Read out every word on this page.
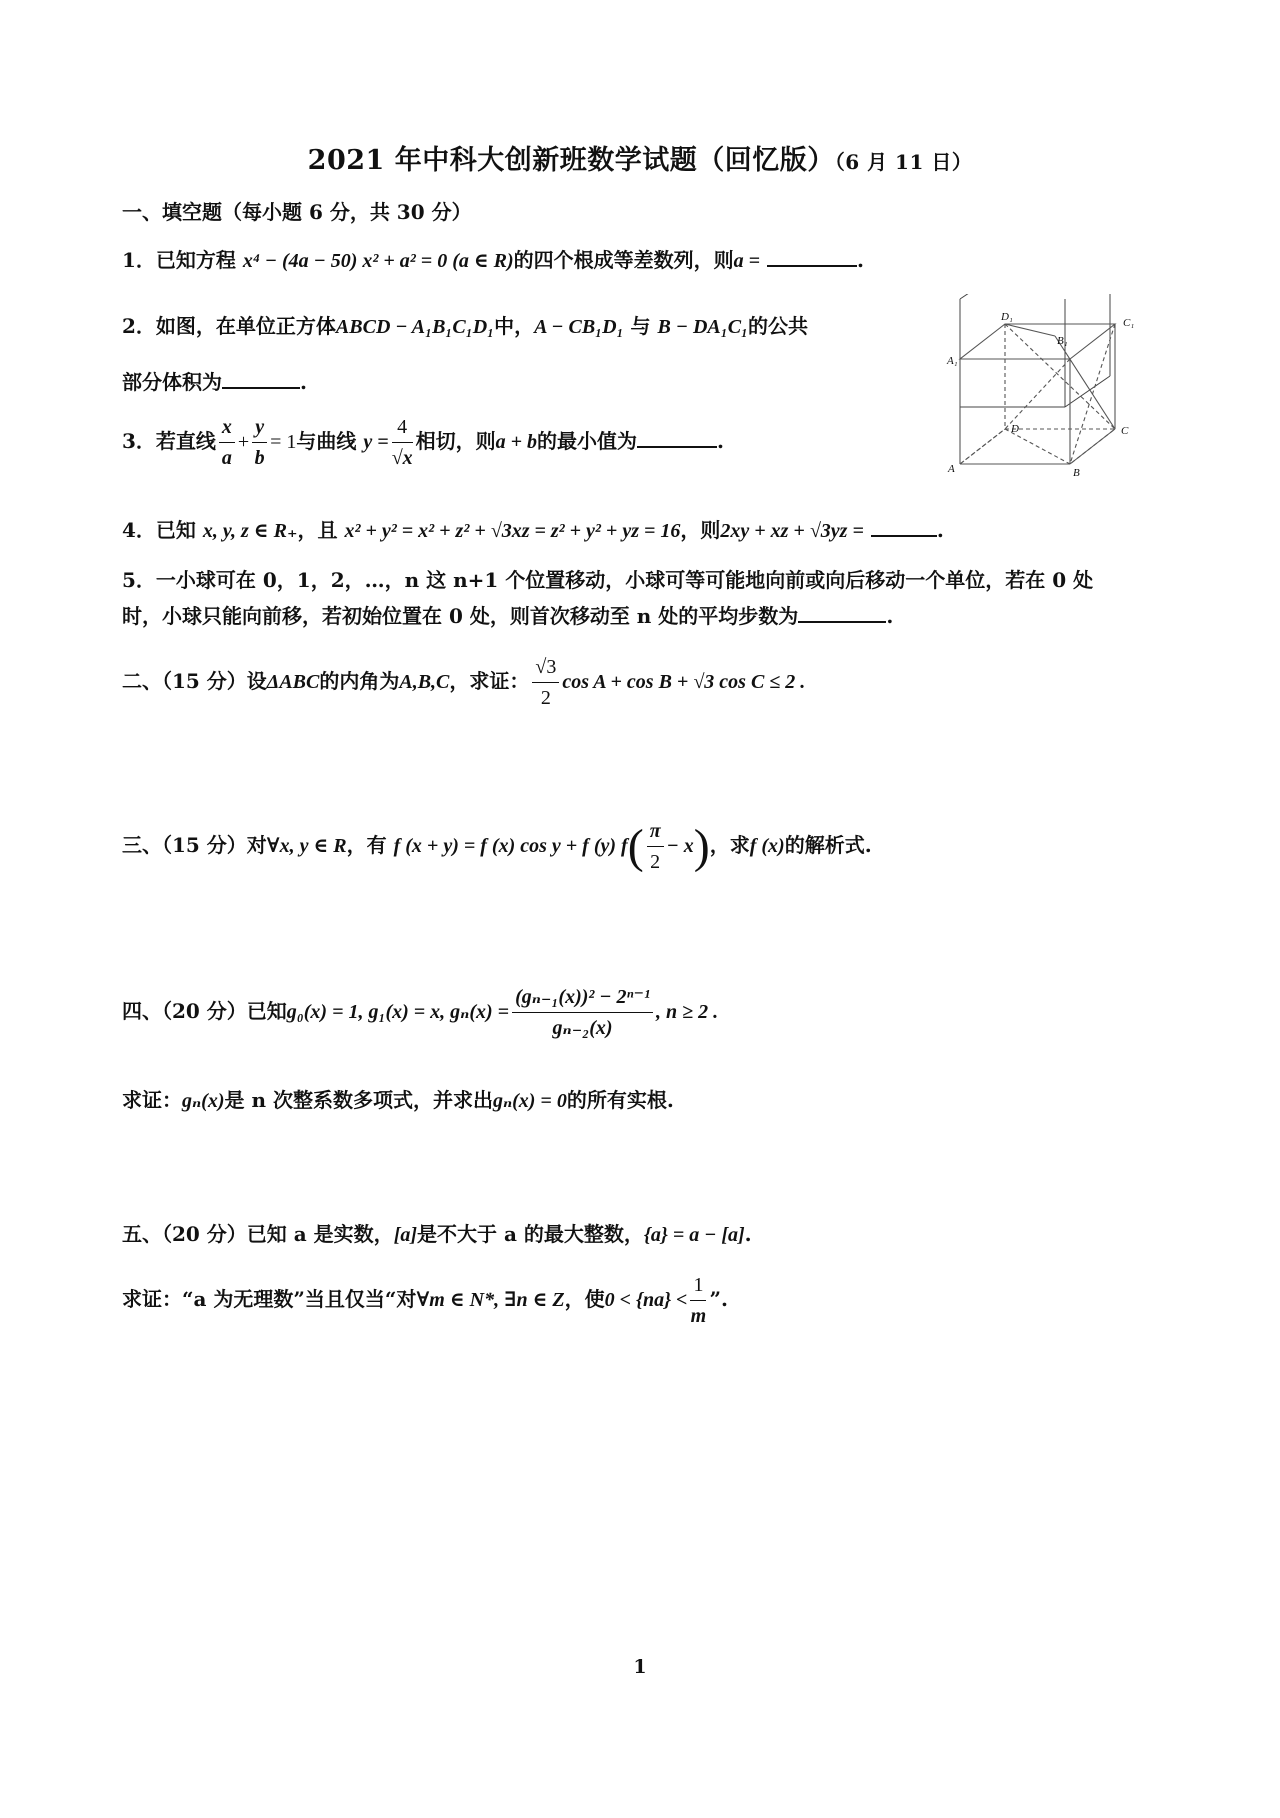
2021 年中科大创新班数学试题（回忆版）（6 月 11 日）
一、填空题（每小题 6 分，共 30 分）
1．已知方程 x⁴ − (4a − 50) x² + a² = 0 (a ∈ R)的四个根成等差数列，则a =	.
2．如图，在单位正方体ABCD − A₁B₁C₁D₁中，A − CB₁D₁ 与 B − DA₁C₁的公共
部分体积为	.
D₁	C₁
B₁
A₁
D	C
A	B
3．若直线 $\frac{x}{a} + \frac{y}{b} = 1$与曲线 $y = \frac{4}{√x}$ 相切，则a + b的最小值为	.
4．已知 x, y, z ∈ R₊，且 x² + y² = x² + z² + √3xz = z² + y² + yz = 16，则2xy + xz + √3yz =	.
5．一小球可在 0，1，2，…，n 这 n+1 个位置移动，小球可等可能地向前或向后移动一个单位，若在 0 处
时，小球只能向前移，若初始位置在 0 处，则首次移动至 n 处的平均步数为	.
二、（15 分）设ΔABC的内角为A,B,C，求证： $\frac{√3}{2}$ cos A + cos B + √3 cos C ≤ 2 .
三、（15 分）对∀x, y ∈ R，有 f (x + y) = f (x) cos y + f (y) $f( \frac{\pi}{2} - x)$，求f (x)的解析式.
四、（20 分）已知g₀(x) = 1, g₁(x) = x, $g_n(x) = \frac{\text{(gₙ₋₁(x))² − 2ⁿ⁻¹}}{\text{gₙ₋₂(x)}}$ , n ≥ 2 .
求证：gₙ(x)是 n 次整系数多项式，并求出gₙ(x) = 0的所有实根.
五、（20 分）已知 a 是实数，[a]是不大于 a 的最大整数，{a} = a − [a].
求证：“a 为无理数”当且仅当“对∀m ∈ N*, ∃n ∈ Z，使$0 < \{na\} < \frac{1}{m}$ ”.
1
